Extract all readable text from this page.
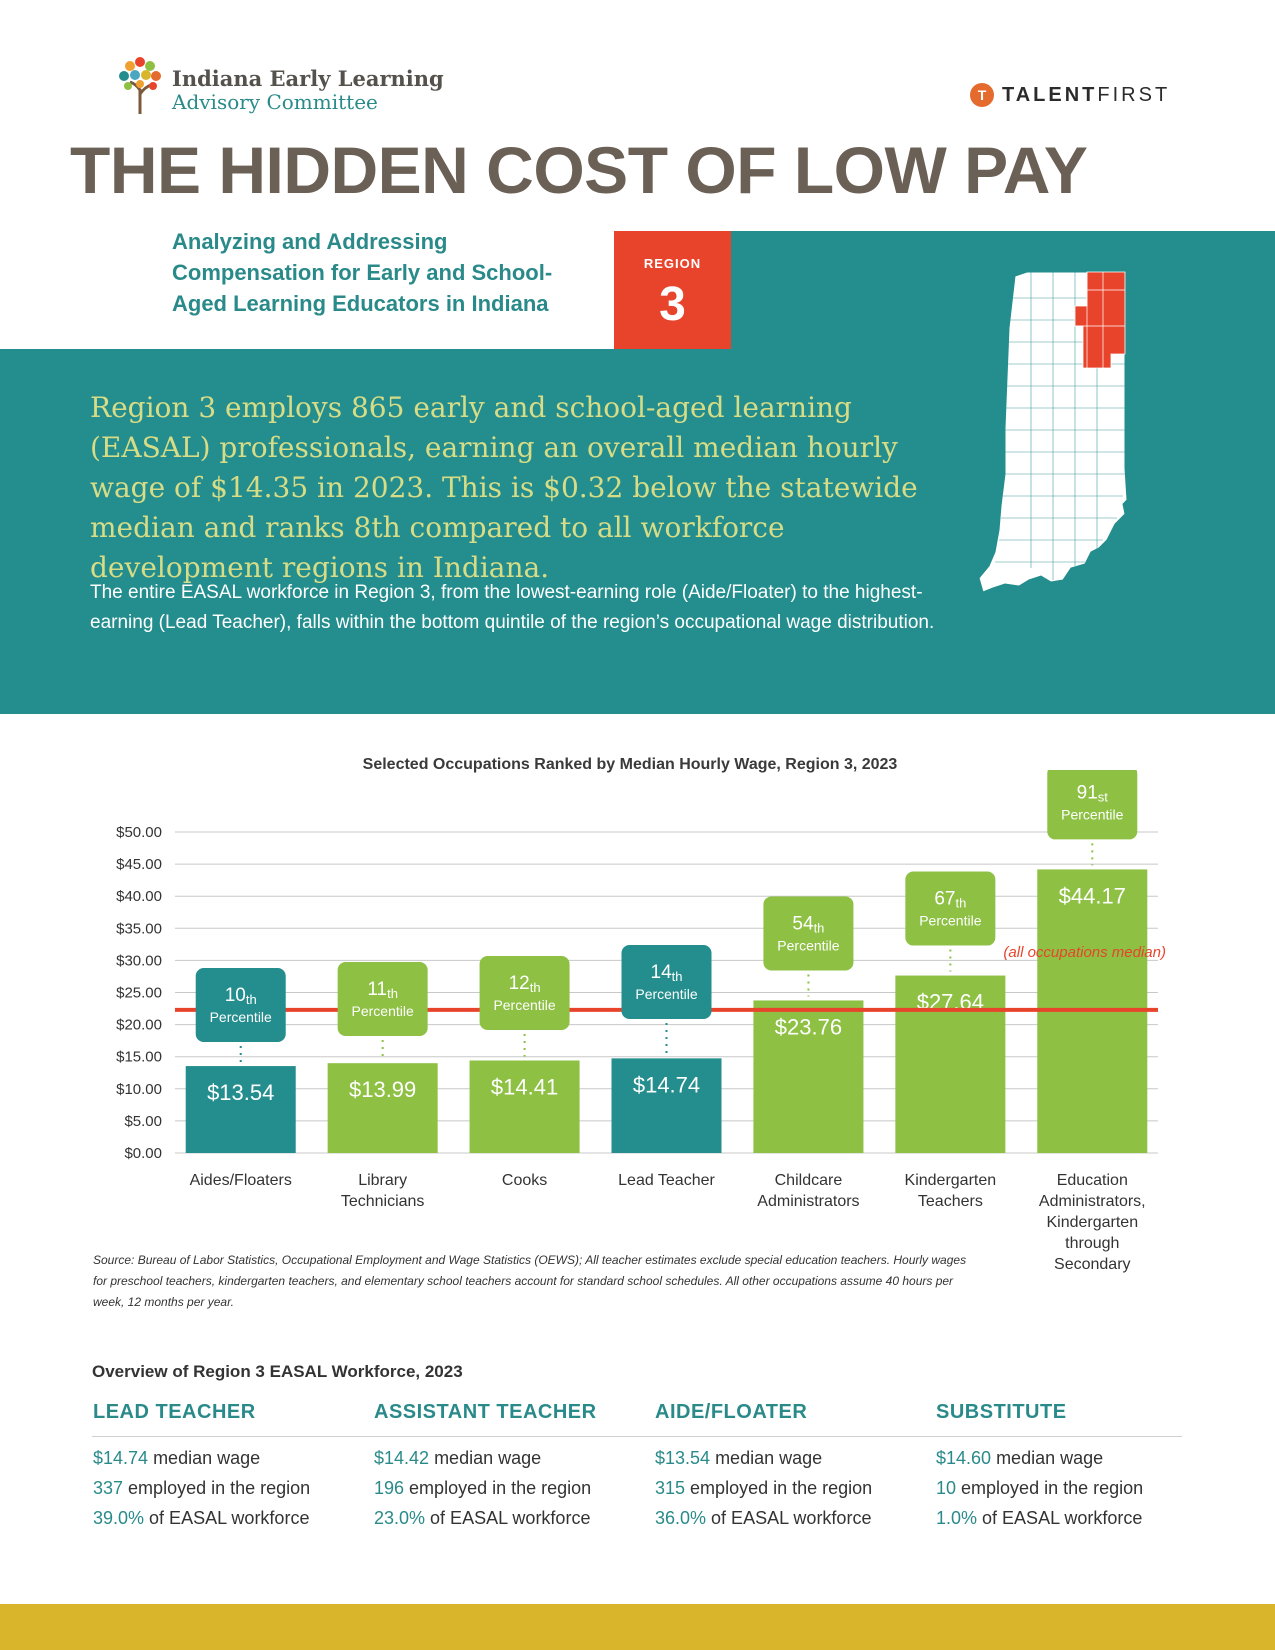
Indiana Early Learning
Advisory Committee	T TALENTFIRST
THE HIDDEN COST OF LOW PAY
Analyzing and Addressing Compensation for Early and School-Aged Learning Educators in Indiana
REGION
3
Region 3 employs 865 early and school-aged learning (EASAL) professionals, earning an overall median hourly wage of $14.35 in 2023. This is $0.32 below the statewide median and ranks 8th compared to all workforce development regions in Indiana.
The entire EASAL workforce in Region 3, from the lowest-earning role (Aide/Floater) to the highest-earning (Lead Teacher), falls within the bottom quintile of the region’s occupational wage distribution.
Selected Occupations Ranked by Median Hourly Wage, Region 3, 2023
$0.00
$5.00
$10.00
$15.00
$20.00
$25.00
$30.00
$35.00
$40.00
$45.00
$50.00
$13.54	$13.99	$14.41	$14.74
$23.76
$27.64
$44.17
(all occupations median)
10th
Percentile
11th
Percentile
12th
Percentile
14th
Percentile
54th
Percentile
67th
Percentile
91st
Percentile
Aides/Floaters	Library Technicians
Cooks	Lead Teacher	Childcare Administrators
Kindergarten Teachers
Education Administrators, Kindergarten through Secondary
Source: Bureau of Labor Statistics, Occupational Employment and Wage Statistics (OEWS); All teacher estimates exclude special education teachers. Hourly wages for preschool teachers, kindergarten teachers, and elementary school teachers account for standard school schedules. All other occupations assume 40 hours per week, 12 months per year.
Overview of Region 3 EASAL Workforce, 2023
LEAD TEACHER
$14.74 median wage
337 employed in the region
39.0% of EASAL workforce
ASSISTANT TEACHER
$14.42 median wage
196 employed in the region
23.0% of EASAL workforce
AIDE/FLOATER
$13.54 median wage
315 employed in the region
36.0% of EASAL workforce
SUBSTITUTE
$14.60 median wage
10 employed in the region
1.0% of EASAL workforce
